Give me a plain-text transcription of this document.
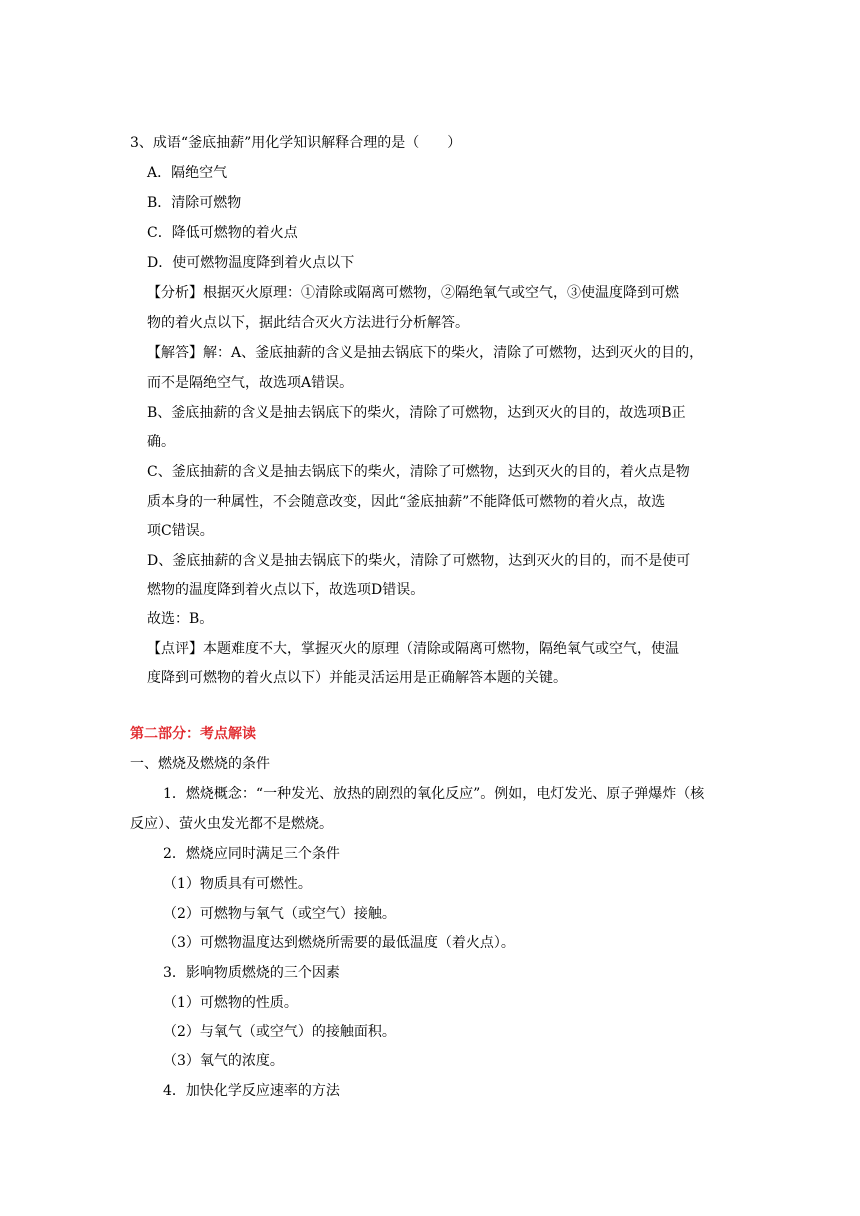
3、成语“釜底抽薪”用化学知识解释合理的是（　　）
A．隔绝空气
B．清除可燃物
C．降低可燃物的着火点
D．使可燃物温度降到着火点以下
【分析】根据灭火原理：①清除或隔离可燃物，②隔绝氧气或空气，③使温度降到可燃
物的着火点以下，据此结合灭火方法进行分析解答。
【解答】解：A、釜底抽薪的含义是抽去锅底下的柴火，清除了可燃物，达到灭火的目的，
而不是隔绝空气，故选项A错误。
B、釜底抽薪的含义是抽去锅底下的柴火，清除了可燃物，达到灭火的目的，故选项B正
确。
C、釜底抽薪的含义是抽去锅底下的柴火，清除了可燃物，达到灭火的目的，着火点是物
质本身的一种属性，不会随意改变，因此“釜底抽薪”不能降低可燃物的着火点，故选
项C错误。
D、釜底抽薪的含义是抽去锅底下的柴火，清除了可燃物，达到灭火的目的，而不是使可
燃物的温度降到着火点以下，故选项D错误。
故选：B。
【点评】本题难度不大，掌握灭火的原理（清除或隔离可燃物，隔绝氧气或空气，使温
度降到可燃物的着火点以下）并能灵活运用是正确解答本题的关键。
第二部分：考点解读
一、燃烧及燃烧的条件
1．燃烧概念：“一种发光、放热的剧烈的氧化反应”。例如，电灯发光、原子弹爆炸（核
反应）、萤火虫发光都不是燃烧。
2．燃烧应同时满足三个条件
（1）物质具有可燃性。
（2）可燃物与氧气（或空气）接触。
（3）可燃物温度达到燃烧所需要的最低温度（着火点）。
3．影响物质燃烧的三个因素
（1）可燃物的性质。
（2）与氧气（或空气）的接触面积。
（3）氧气的浓度。
4．加快化学反应速率的方法
